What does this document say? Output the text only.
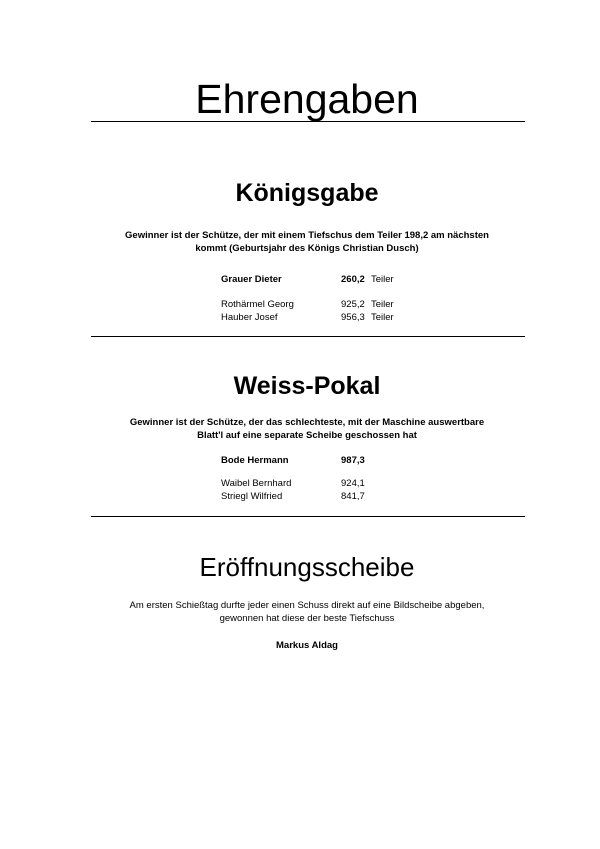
Ehrengaben
Königsgabe
Gewinner ist der Schütze, der mit einem Tiefschus dem Teiler 198,2 am nächsten
kommt (Geburtsjahr des Königs Christian Dusch)
Grauer Dieter	260,2 Teiler
Rothärmel Georg	925,2 Teiler
Hauber Josef	956,3 Teiler
Weiss-Pokal
Gewinner ist der Schütze, der das schlechteste, mit der Maschine auswertbare
Blatt'l auf eine separate Scheibe geschossen hat
Bode Hermann	987,3
Waibel Bernhard	924,1
Striegl Wilfried	841,7
Eröffnungsscheibe
Am ersten Schießtag durfte jeder einen Schuss direkt auf eine Bildscheibe abgeben,
gewonnen hat diese der beste Tiefschuss
Markus Aldag
